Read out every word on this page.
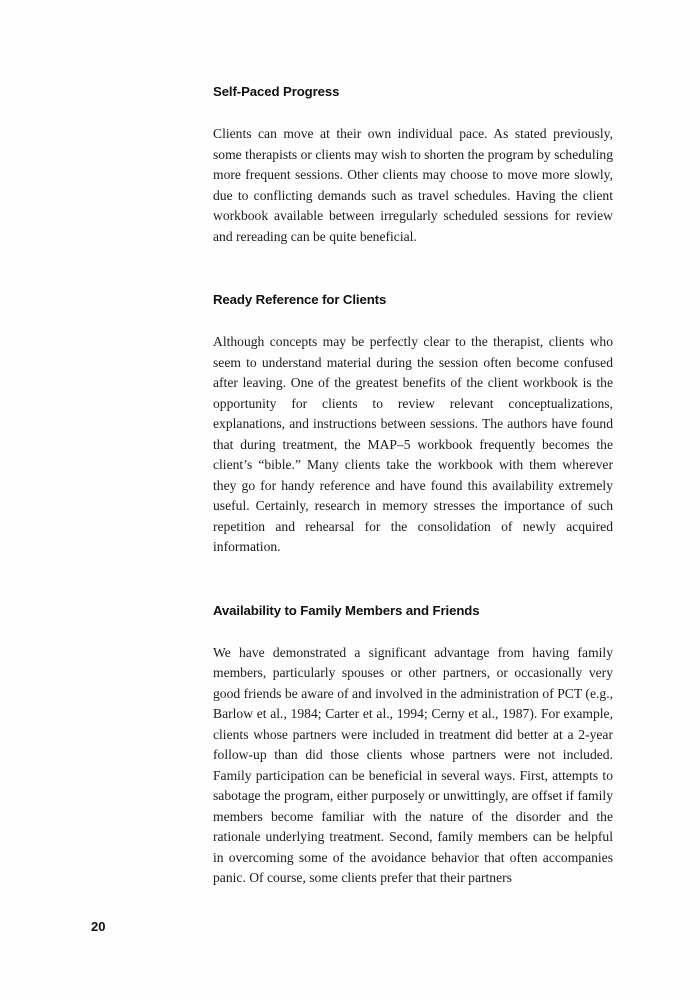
Self-Paced Progress

Clients can move at their own individual pace. As stated previously, some therapists or clients may wish to shorten the program by scheduling more frequent sessions. Other clients may choose to move more slowly, due to conflicting demands such as travel schedules. Having the client workbook available between irregularly scheduled sessions for review and rereading can be quite beneficial.

Ready Reference for Clients

Although concepts may be perfectly clear to the therapist, clients who seem to understand material during the session often become confused after leaving. One of the greatest benefits of the client workbook is the opportunity for clients to review relevant conceptualizations, explanations, and instructions between sessions. The authors have found that during treatment, the MAP–5 workbook frequently becomes the client’s “bible.” Many clients take the workbook with them wherever they go for handy reference and have found this availability extremely useful. Certainly, research in memory stresses the importance of such repetition and rehearsal for the consolidation of newly acquired information.

Availability to Family Members and Friends

We have demonstrated a significant advantage from having family members, particularly spouses or other partners, or occasionally very good friends be aware of and involved in the administration of PCT (e.g., Barlow et al., 1984; Carter et al., 1994; Cerny et al., 1987). For example, clients whose partners were included in treatment did better at a 2-year follow-up than did those clients whose partners were not included. Family participation can be beneficial in several ways. First, attempts to sabotage the program, either purposely or unwittingly, are offset if family members become familiar with the nature of the disorder and the rationale underlying treatment. Second, family members can be helpful in overcoming some of the avoidance behavior that often accompanies panic. Of course, some clients prefer that their partners

20
